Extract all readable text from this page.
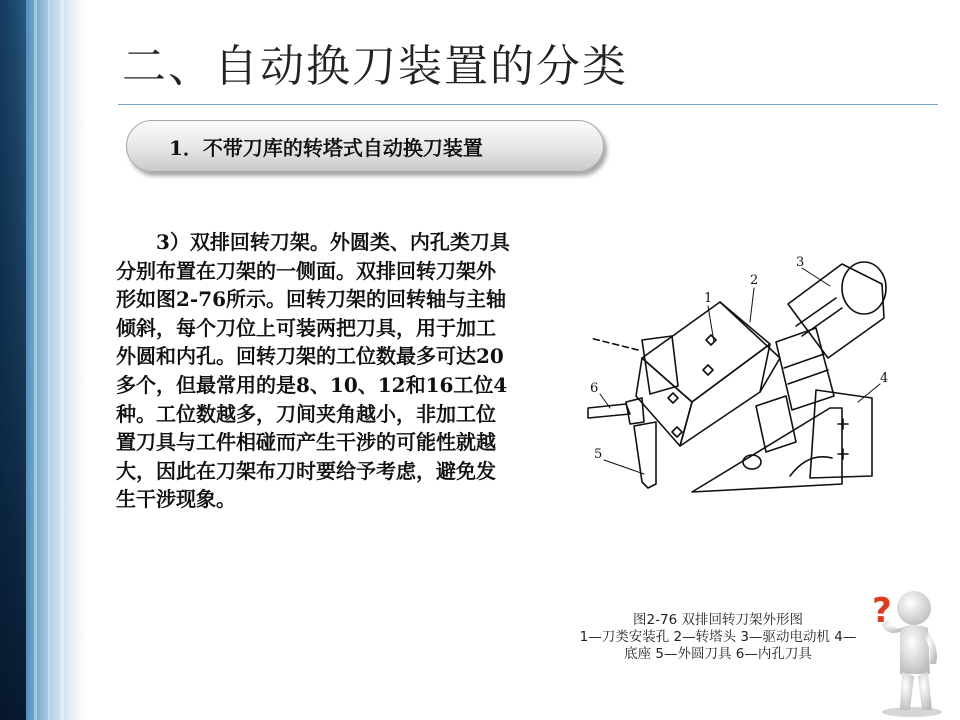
二、自动换刀装置的分类
1．不带刀库的转塔式自动换刀装置

3）双排回转刀架。外圆类、内孔类刀具分别布置在刀架的一侧面。双排回转刀架外形如图2-76所示。回转刀架的回转轴与主轴倾斜，每个刀位上可装两把刀具，用于加工外圆和内孔。回转刀架的工位数最多可达20多个，但最常用的是8、10、12和16工位4种。工位数越多，刀间夹角越小，非加工位置刀具与工件相碰而产生干涉的可能性就越大，因此在刀架布刀时要给予考虑，避免发生干涉现象。

1
2
3
4
5
6
图2-76 双排回转刀架外形图
1—刀类安装孔 2—转塔头 3—驱动电动机 4—
底座 5—外圆刀具 6—内孔刀具
?
